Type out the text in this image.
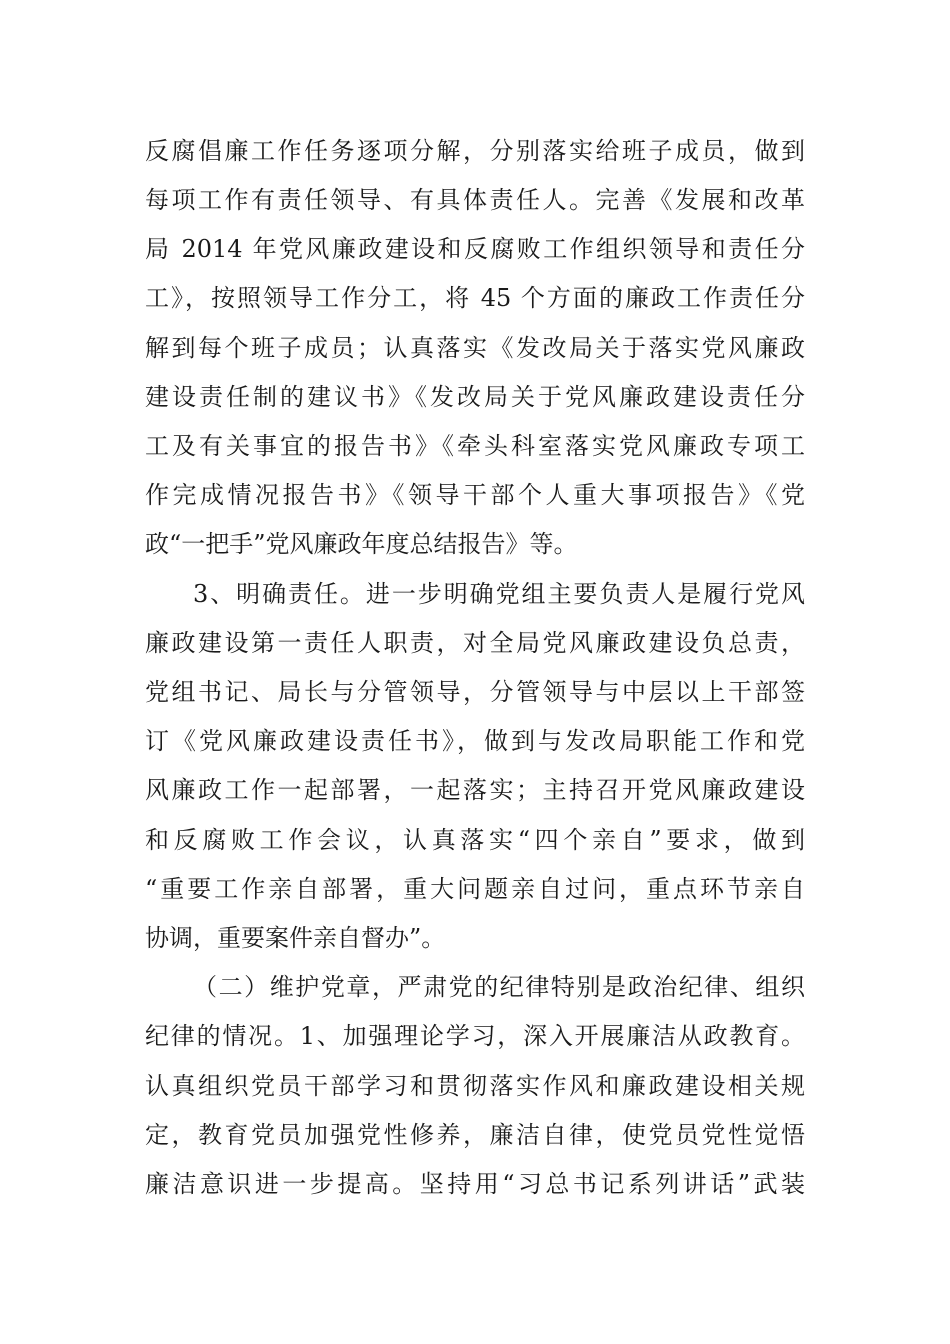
反腐倡廉工作任务逐项分解，分别落实给班子成员，做到
每项工作有责任领导、有具体责任人。完善《发展和改革
局 2014 年党风廉政建设和反腐败工作组织领导和责任分
工》，按照领导工作分工，将 45 个方面的廉政工作责任分
解到每个班子成员；认真落实《发改局关于落实党风廉政
建设责任制的建议书》《发改局关于党风廉政建设责任分
工及有关事宜的报告书》《牵头科室落实党风廉政专项工
作完成情况报告书》《领导干部个人重大事项报告》《党
政“一把手”党风廉政年度总结报告》等。
3、明确责任。进一步明确党组主要负责人是履行党风
廉政建设第一责任人职责，对全局党风廉政建设负总责，
党组书记、局长与分管领导，分管领导与中层以上干部签
订《党风廉政建设责任书》，做到与发改局职能工作和党
风廉政工作一起部署，一起落实；主持召开党风廉政建设
和反腐败工作会议，认真落实“四个亲自”要求，做到
“重要工作亲自部署，重大问题亲自过问，重点环节亲自
协调，重要案件亲自督办”。
（二）维护党章，严肃党的纪律特别是政治纪律、组织
纪律的情况。1、加强理论学习，深入开展廉洁从政教育。
认真组织党员干部学习和贯彻落实作风和廉政建设相关规
定，教育党员加强党性修养，廉洁自律，使党员党性觉悟
廉洁意识进一步提高。坚持用“习总书记系列讲话”武装
